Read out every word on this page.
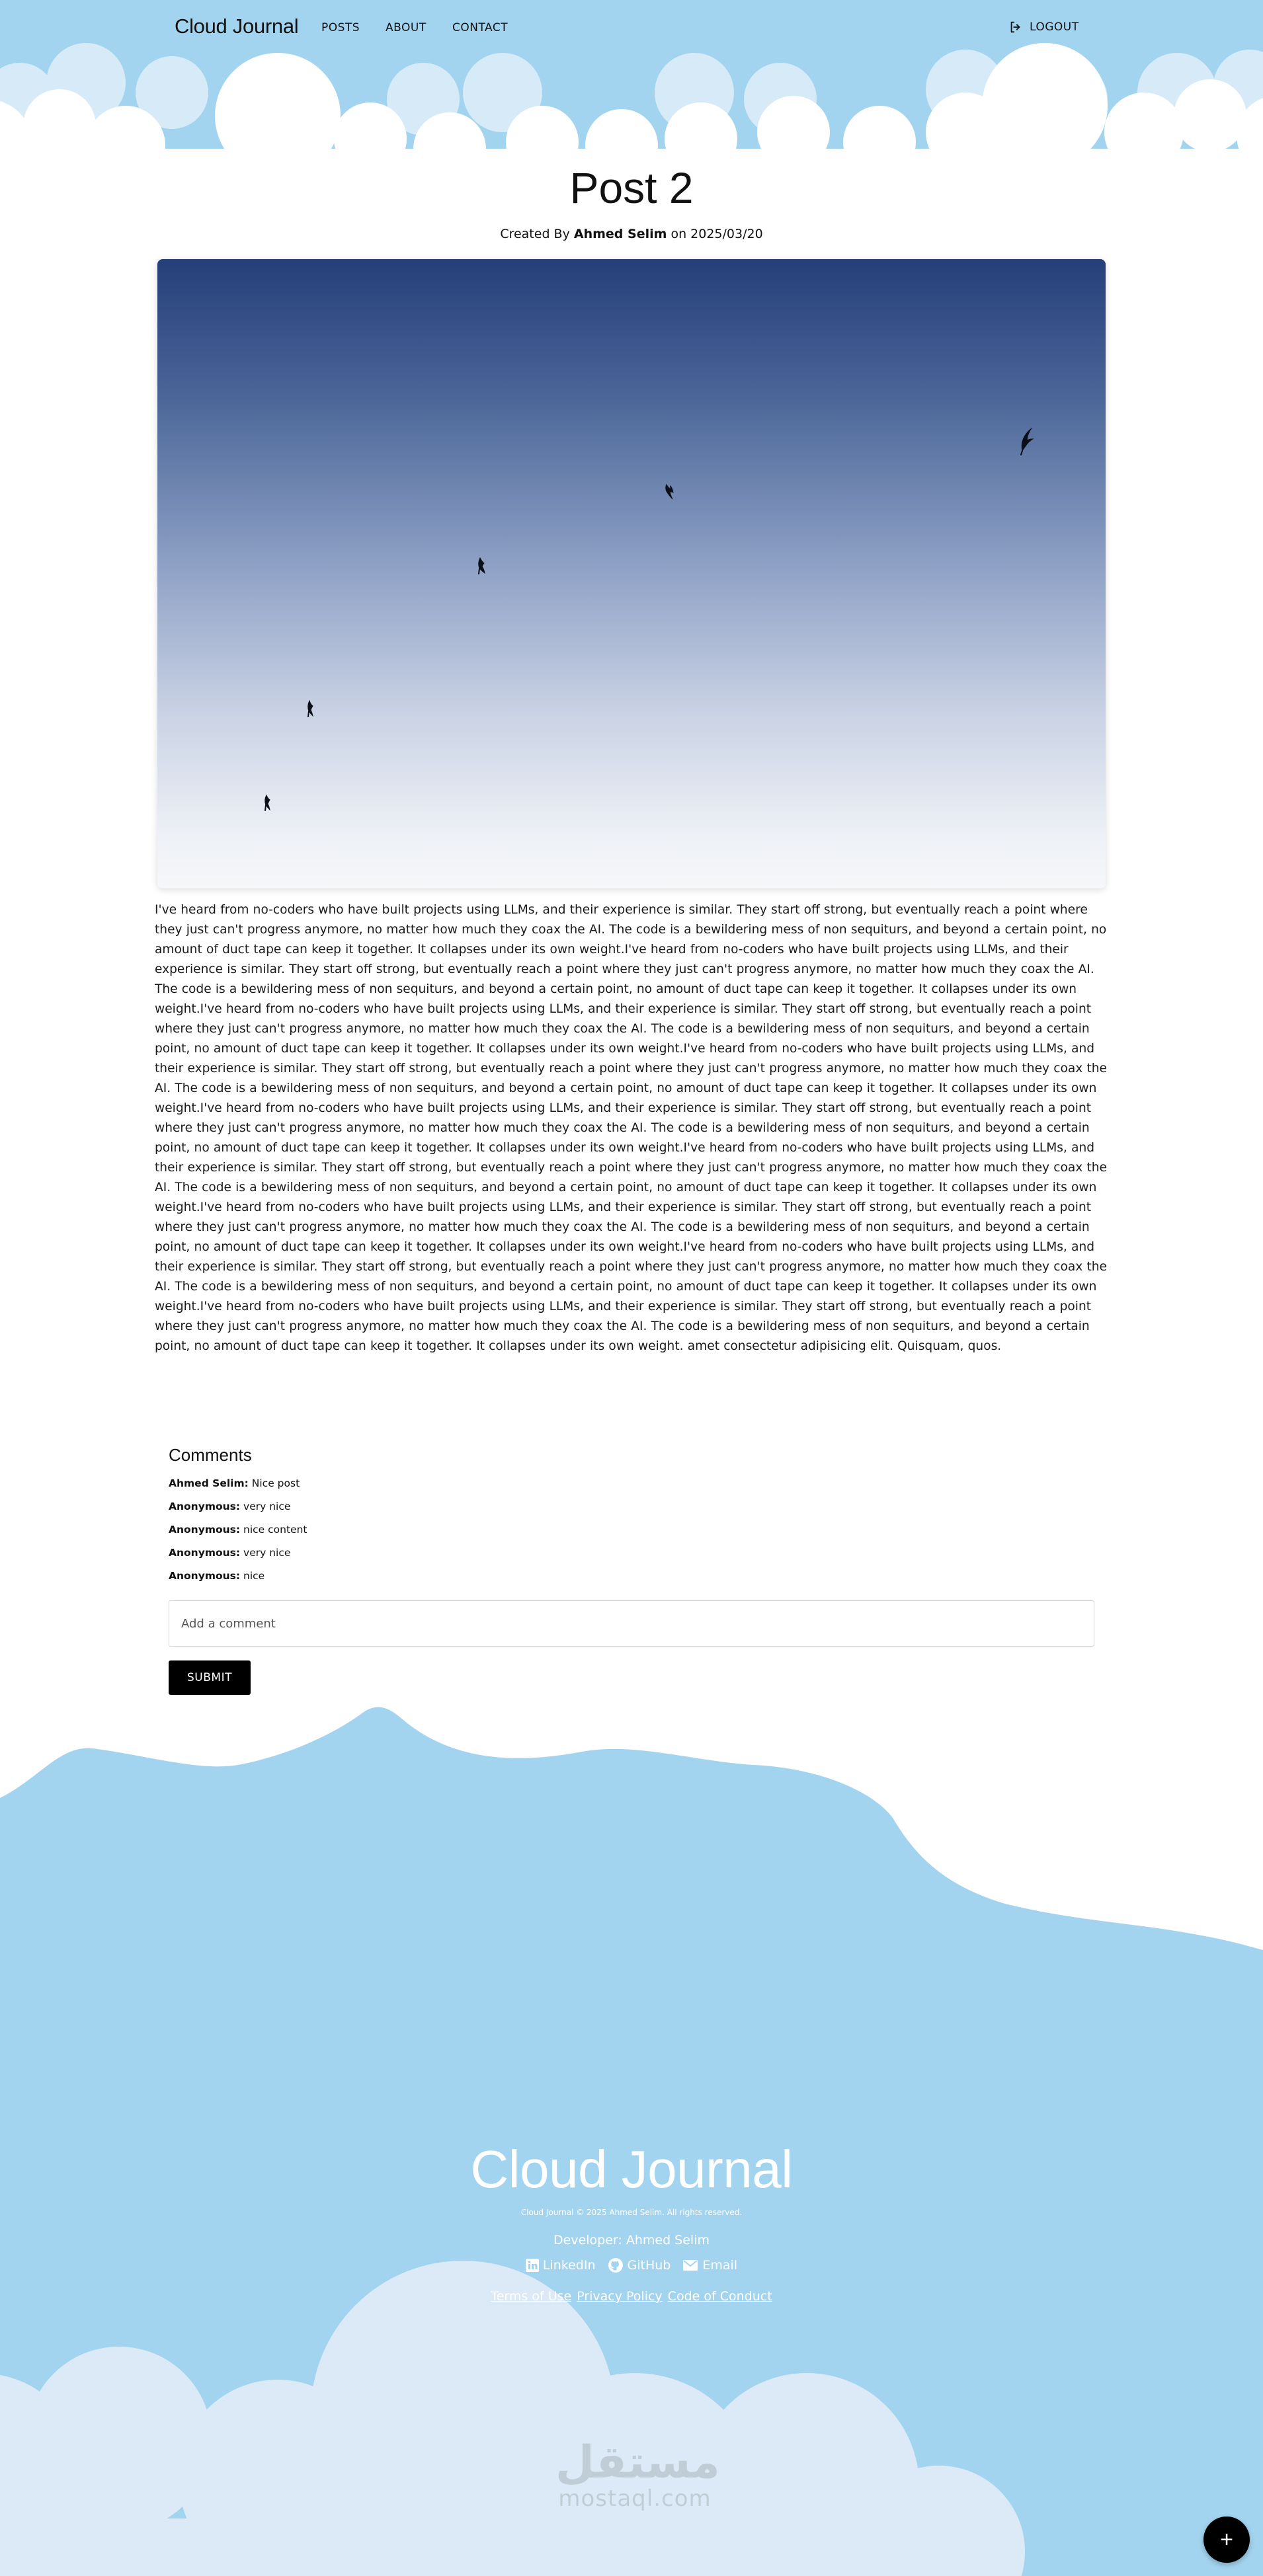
Cloud Journal POSTS ABOUT CONTACT	LOGOUT
Post 2
Created By Ahmed Selim on 2025/03/20

I've heard from no-coders who have built projects using LLMs, and their experience is similar. They start off strong, but eventually reach a point where they just can't progress anymore, no matter how much they coax the AI. The code is a bewildering mess of non sequiturs, and beyond a certain point, no amount of duct tape can keep it together. It collapses under its own weight.I've heard from no-coders who have built projects using LLMs, and their experience is similar. They start off strong, but eventually reach a point where they just can't progress anymore, no matter how much they coax the AI. The code is a bewildering mess of non sequiturs, and beyond a certain point, no amount of duct tape can keep it together. It collapses under its own weight.I've heard from no-coders who have built projects using LLMs, and their experience is similar. They start off strong, but eventually reach a point where they just can't progress anymore, no matter how much they coax the AI. The code is a bewildering mess of non sequiturs, and beyond a certain point, no amount of duct tape can keep it together. It collapses under its own weight.I've heard from no-coders who have built projects using LLMs, and their experience is similar. They start off strong, but eventually reach a point where they just can't progress anymore, no matter how much they coax the AI. The code is a bewildering mess of non sequiturs, and beyond a certain point, no amount of duct tape can keep it together. It collapses under its own weight.I've heard from no-coders who have built projects using LLMs, and their experience is similar. They start off strong, but eventually reach a point where they just can't progress anymore, no matter how much they coax the AI. The code is a bewildering mess of non sequiturs, and beyond a certain point, no amount of duct tape can keep it together. It collapses under its own weight.I've heard from no-coders who have built projects using LLMs, and their experience is similar. They start off strong, but eventually reach a point where they just can't progress anymore, no matter how much they coax the AI. The code is a bewildering mess of non sequiturs, and beyond a certain point, no amount of duct tape can keep it together. It collapses under its own weight.I've heard from no-coders who have built projects using LLMs, and their experience is similar. They start off strong, but eventually reach a point where they just can't progress anymore, no matter how much they coax the AI. The code is a bewildering mess of non sequiturs, and beyond a certain point, no amount of duct tape can keep it together. It collapses under its own weight.I've heard from no-coders who have built projects using LLMs, and their experience is similar. They start off strong, but eventually reach a point where they just can't progress anymore, no matter how much they coax the AI. The code is a bewildering mess of non sequiturs, and beyond a certain point, no amount of duct tape can keep it together. It collapses under its own weight.I've heard from no-coders who have built projects using LLMs, and their experience is similar. They start off strong, but eventually reach a point where they just can't progress anymore, no matter how much they coax the AI. The code is a bewildering mess of non sequiturs, and beyond a certain point, no amount of duct tape can keep it together. It collapses under its own weight. amet consectetur adipisicing elit. Quisquam, quos.

Comments
Ahmed Selim: Nice post
Anonymous: very nice
Anonymous: nice content
Anonymous: very nice
Anonymous: nice
Add a comment
SUBMIT
Cloud Journal
Cloud Journal © 2025 Ahmed Selim. All rights reserved.
Developer: Ahmed Selim
LinkedIn	GitHub	Email
Terms of Use Privacy Policy Code of Conduct
مستقل
mostaql.com
+
